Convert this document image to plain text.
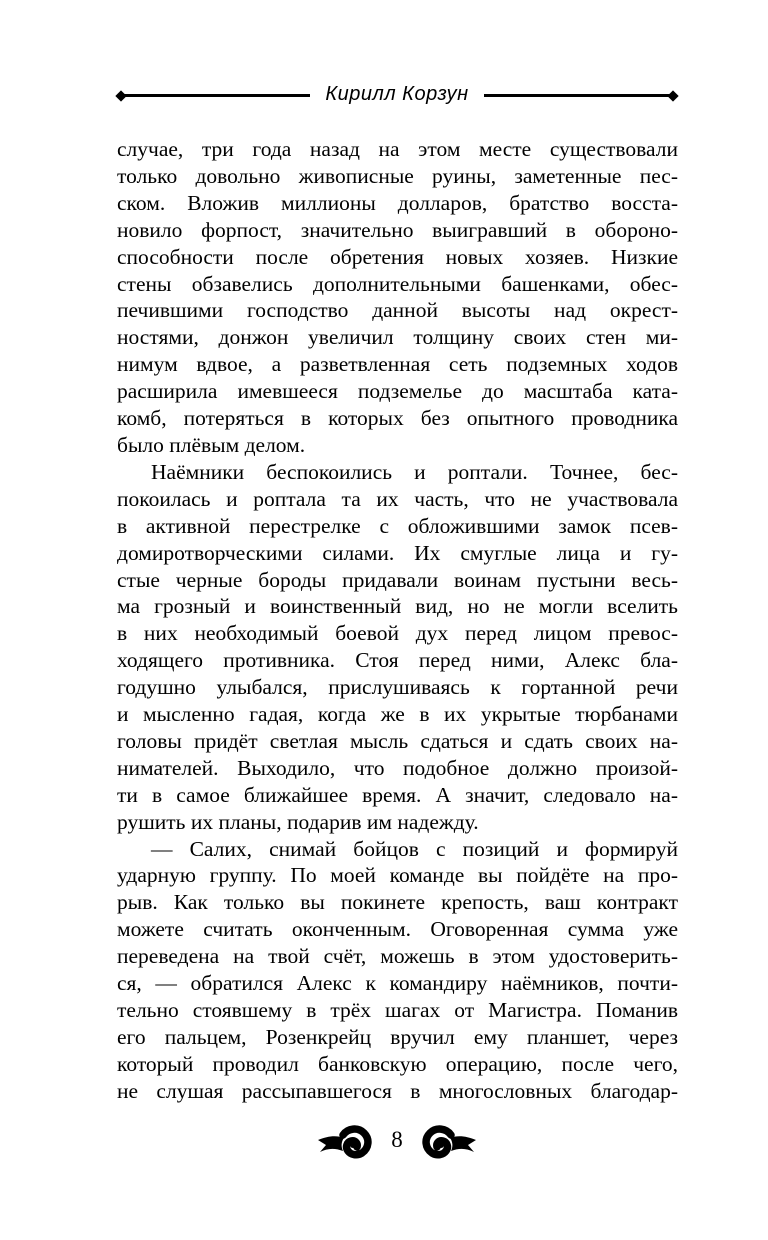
Кирилл Корзун
случае, три года назад на этом месте существовали
только довольно живописные руины, заметенные пес-
ском. Вложив миллионы долларов, братство восста-
новило форпост, значительно выигравший в обороно-
способности после обретения новых хозяев. Низкие
стены обзавелись дополнительными башенками, обес-
печившими господство данной высоты над окрест-
ностями, донжон увеличил толщину своих стен ми-
нимум вдвое, а разветвленная сеть подземных ходов
расширила имевшееся подземелье до масштаба ката-
комб, потеряться в которых без опытного проводника
было плёвым делом.
Наёмники беспокоились и роптали. Точнее, бес-
покоилась и роптала та их часть, что не участвовала
в активной перестрелке с обложившими замок псев-
домиротворческими силами. Их смуглые лица и гу-
стые черные бороды придавали воинам пустыни весь-
ма грозный и воинственный вид, но не могли вселить
в них необходимый боевой дух перед лицом превос-
ходящего противника. Стоя перед ними, Алекс бла-
годушно улыбался, прислушиваясь к гортанной речи
и мысленно гадая, когда же в их укрытые тюрбанами
головы придёт светлая мысль сдаться и сдать своих на-
нимателей. Выходило, что подобное должно произой-
ти в самое ближайшее время. А значит, следовало на-
рушить их планы, подарив им надежду.
— Салих, снимай бойцов с позиций и формируй
ударную группу. По моей команде вы пойдёте на про-
рыв. Как только вы покинете крепость, ваш контракт
можете считать оконченным. Оговоренная сумма уже
переведена на твой счёт, можешь в этом удостоверить-
ся, — обратился Алекс к командиру наёмников, почти-
тельно стоявшему в трёх шагах от Магистра. Поманив
его пальцем, Розенкрейц вручил ему планшет, через
который проводил банковскую операцию, после чего,
не слушая рассыпавшегося в многословных благодар-
8
